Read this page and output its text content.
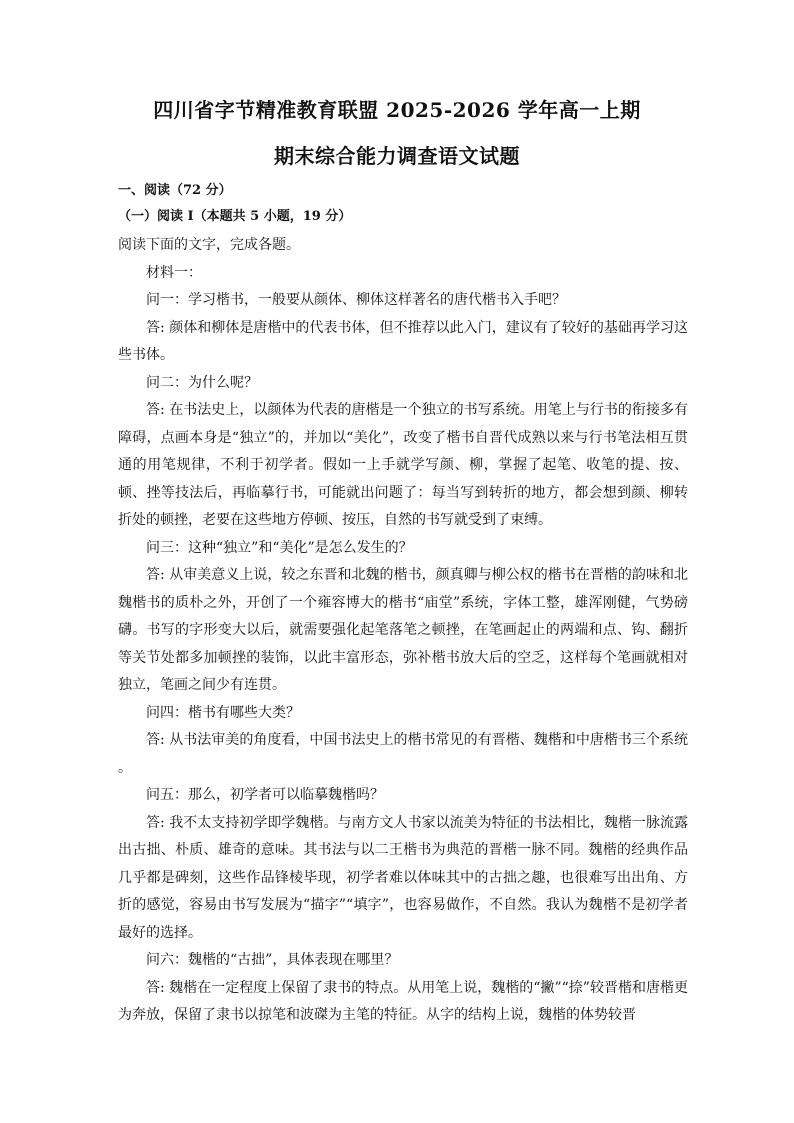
四川省字节精准教育联盟 2025-2026 学年高一上期
期末综合能力调查语文试题
一、阅读（72 分）
（一）阅读 I（本题共 5 小题，19 分）

阅读下面的文字，完成各题。

材料一：

问一：学习楷书，一般要从颜体、柳体这样著名的唐代楷书入手吧？

答: 颜体和柳体是唐楷中的代表书体，但不推荐以此入门，建议有了较好的基础再学习这些书体。

问二：为什么呢？

答: 在书法史上，以颜体为代表的唐楷是一个独立的书写系统。用笔上与行书的衔接多有障碍，点画本身是“独立”的，并加以“美化”，改变了楷书自晋代成熟以来与行书笔法相互贯通的用笔规律，不利于初学者。假如一上手就学写颜、柳，掌握了起笔、收笔的提、按、顿、挫等技法后，再临摹行书，可能就出问题了：每当写到转折的地方，都会想到颜、柳转折处的顿挫，老要在这些地方停顿、按压，自然的书写就受到了束缚。

问三：这种“独立”和“美化”是怎么发生的？

答: 从审美意义上说，较之东晋和北魏的楷书，颜真卿与柳公权的楷书在晋楷的韵味和北魏楷书的质朴之外，开创了一个雍容博大的楷书“庙堂”系统，字体工整，雄浑刚健，气势磅礴。书写的字形变大以后，就需要强化起笔落笔之顿挫，在笔画起止的两端和点、钩、翻折等关节处都多加顿挫的装饰，以此丰富形态，弥补楷书放大后的空乏，这样每个笔画就相对独立，笔画之间少有连贯。

问四：楷书有哪些大类？

答: 从书法审美的角度看，中国书法史上的楷书常见的有晋楷、魏楷和中唐楷书三个系统 。

问五：那么，初学者可以临摹魏楷吗？

答: 我不太支持初学即学魏楷。与南方文人书家以流美为特征的书法相比，魏楷一脉流露出古拙、朴质、雄奇的意味。其书法与以二王楷书为典范的晋楷一脉不同。魏楷的经典作品几乎都是碑刻，这些作品锋棱毕现，初学者难以体味其中的古拙之趣，也很难写出出角、方折的感觉，容易由书写发展为“描字”“填字”，也容易做作，不自然。我认为魏楷不是初学者最好的选择。

问六：魏楷的“古拙”，具体表现在哪里？

答: 魏楷在一定程度上保留了隶书的特点。从用笔上说，魏楷的“撇”“捺”较晋楷和唐楷更为奔放，保留了隶书以掠笔和波磔为主笔的特征。从字的结构上说，魏楷的体势较晋
